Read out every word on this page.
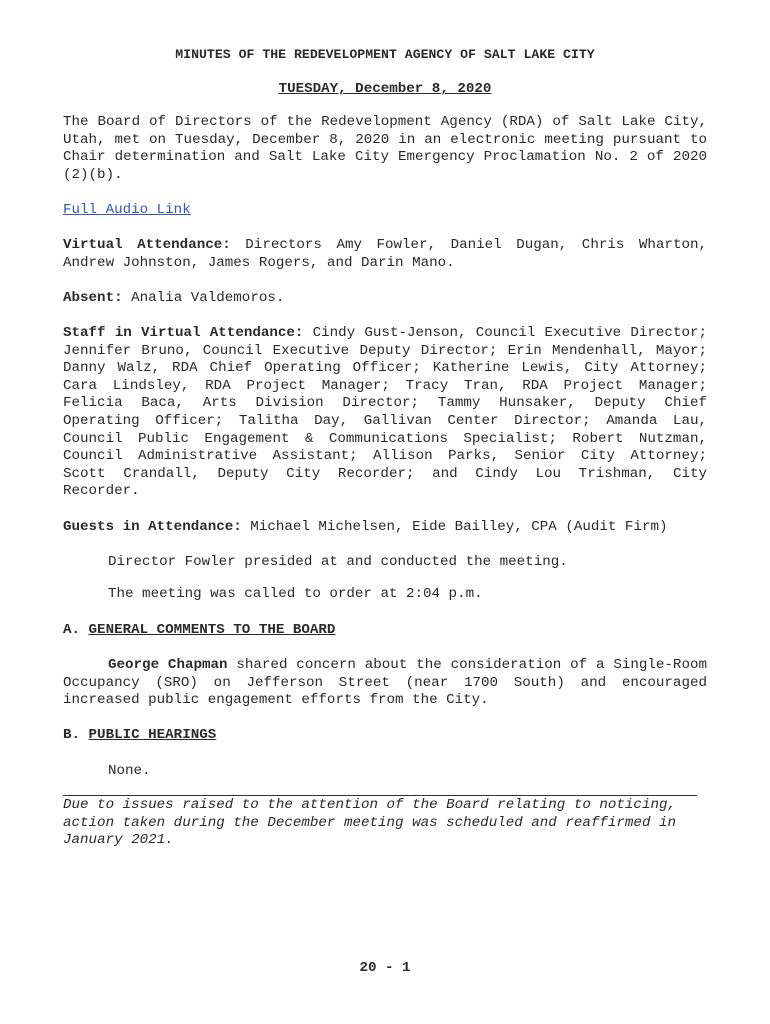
MINUTES OF THE REDEVELOPMENT AGENCY OF SALT LAKE CITY
TUESDAY, December 8, 2020

The Board of Directors of the Redevelopment Agency (RDA) of Salt Lake City, Utah, met on Tuesday, December 8, 2020 in an electronic meeting pursuant to Chair determination and Salt Lake City Emergency Proclamation No. 2 of 2020 (2)(b).

Full Audio Link

Virtual Attendance: Directors Amy Fowler, Daniel Dugan, Chris Wharton, Andrew Johnston, James Rogers, and Darin Mano.

Absent: Analia Valdemoros.

Staff in Virtual Attendance: Cindy Gust-Jenson, Council Executive Director; Jennifer Bruno, Council Executive Deputy Director; Erin Mendenhall, Mayor; Danny Walz, RDA Chief Operating Officer; Katherine Lewis, City Attorney; Cara Lindsley, RDA Project Manager; Tracy Tran, RDA Project Manager; Felicia Baca, Arts Division Director; Tammy Hunsaker, Deputy Chief Operating Officer; Talitha Day, Gallivan Center Director; Amanda Lau, Council Public Engagement & Communications Specialist; Robert Nutzman, Council Administrative Assistant; Allison Parks, Senior City Attorney; Scott Crandall, Deputy City Recorder; and Cindy Lou Trishman, City Recorder.

Guests in Attendance: Michael Michelsen, Eide Bailley, CPA (Audit Firm)

Director Fowler presided at and conducted the meeting.

The meeting was called to order at 2:04 p.m.

A. GENERAL COMMENTS TO THE BOARD

George Chapman shared concern about the consideration of a Single-Room Occupancy (SRO) on Jefferson Street (near 1700 South) and encouraged increased public engagement efforts from the City.

B. PUBLIC HEARINGS

None.

Due to issues raised to the attention of the Board relating to noticing, action taken during the December meeting was scheduled and reaffirmed in January 2021.

20 - 1
